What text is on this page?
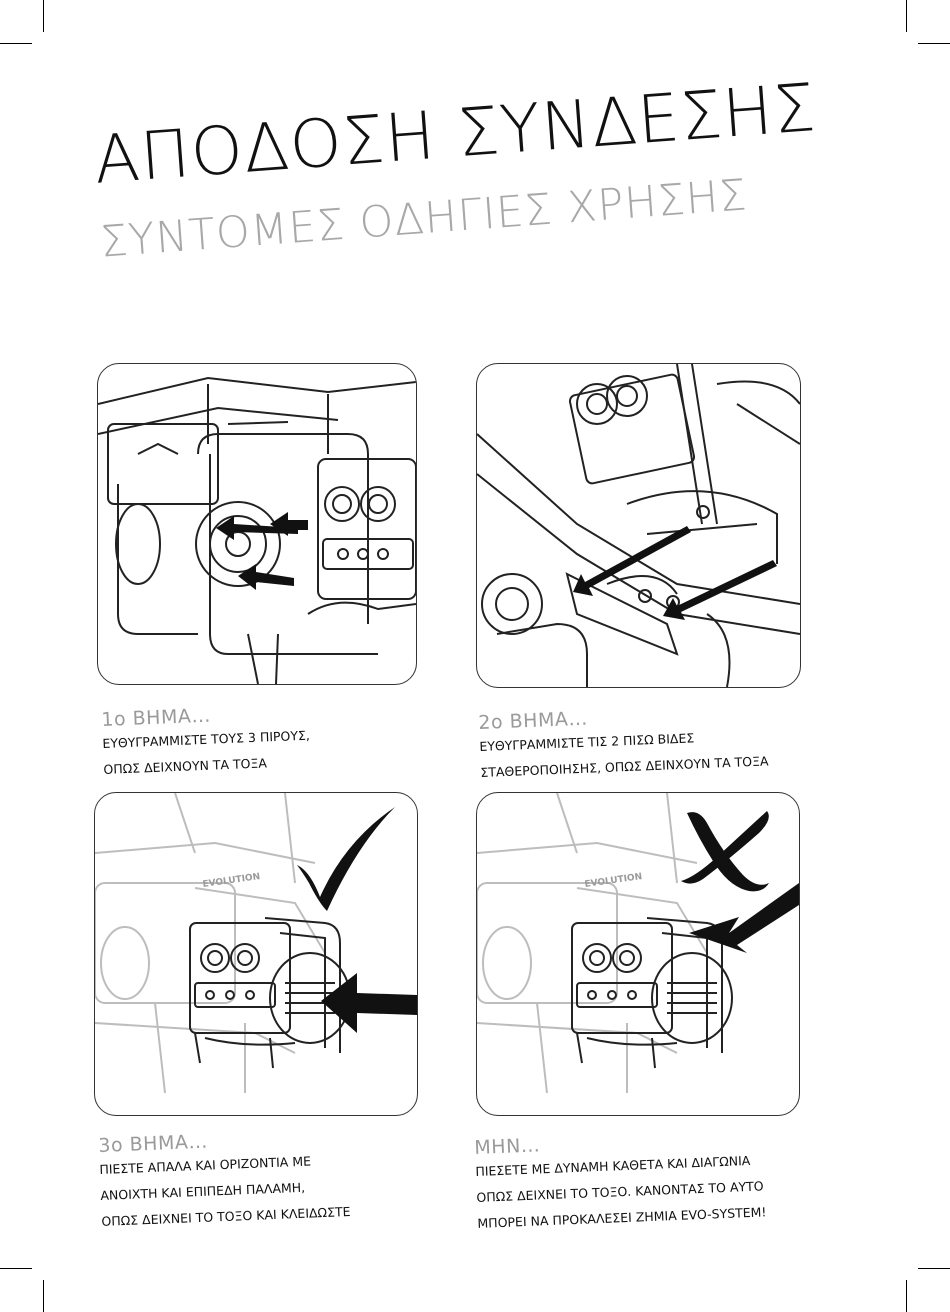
ΑΠΟΔΟΣΗ ΣΥΝΔΕΣΗΣ
ΣΥΝΤΟΜΕΣ ΟΔΗΓΙΕΣ ΧΡΗΣΗΣ
1ο ΒΗΜΑ…
ΕΥΘΥΓΡΑΜΜΙΣΤΕ ΤΟΥΣ 3 ΠΙΡΟΥΣ,
ΟΠΩΣ ΔΕΙΧΝΟΥΝ ΤΑ ΤΟΞΑ
2ο ΒΗΜΑ…
ΕΥΘΥΓΡΑΜΜΙΣΤΕ ΤΙΣ 2 ΠΙΣΩ ΒΙΔΕΣ
ΣΤΑΘΕΡΟΠΟΙΗΣΗΣ, ΟΠΩΣ ΔΕΙΝΧΟΥΝ ΤΑ ΤΟΞΑ
EVOLUTION	EVOLUTION
3ο ΒΗΜΑ…
ΠΙΕΣΤΕ ΑΠΑΛΑ ΚΑΙ ΟΡΙΖΟΝΤΙΑ ΜΕ
ΑΝΟΙΧΤΗ ΚΑΙ ΕΠΙΠΕΔΗ ΠΑΛΑΜΗ,
ΟΠΩΣ ΔΕΙΧΝΕΙ ΤΟ ΤΟΞΟ ΚΑΙ ΚΛΕΙΔΩΣΤΕ
ΜΗΝ…
ΠΙΕΣΕΤΕ ΜΕ ΔΥΝΑΜΗ ΚΑΘΕΤΑ ΚΑΙ ΔΙΑΓΩΝΙΑ
ΟΠΩΣ ΔΕΙΧΝΕΙ ΤΟ ΤΟΞΟ. ΚΑΝΟΝΤΑΣ ΤΟ ΑΥΤΟ
ΜΠΟΡΕΙ ΝΑ ΠΡΟΚΑΛΕΣΕΙ ΖΗΜΙΑ EVO-SYSTEM!
